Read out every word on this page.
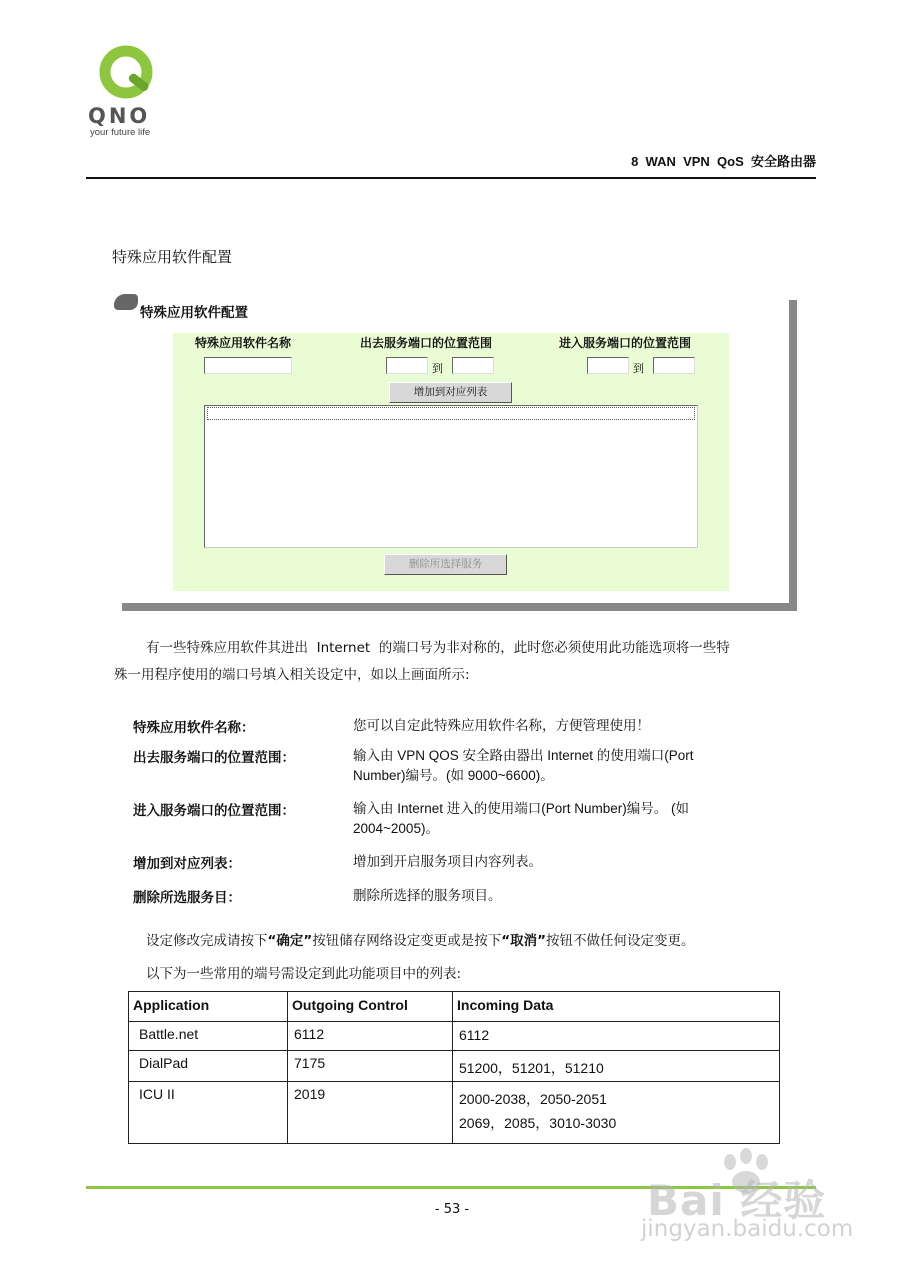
QNO
your future life
8  WAN  VPN  QoS  安全路由器
特殊应用软件配置
特殊应用软件配置
特殊应用软件名称	出去服务端口的位置范围	进入服务端口的位置范围
到	到
增加到对应列表
删除所选择服务
有一些特殊应用软件其进出  Internet  的端口号为非对称的，此时您必须使用此功能选项将一些特
殊一用程序使用的端口号填入相关设定中，如以上画面所示:
特殊应用软件名称：	您可以自定此特殊应用软件名称，方便管理使用！
出去服务端口的位置范围：	输入由 VPN QOS 安全路由器出 Internet 的使用端口(Port Number)编号。(如 9000~6600)。
进入服务端口的位置范围：	输入由 Internet 进入的使用端口(Port Number)编号。 (如 2004~2005)。
增加到对应列表：	增加到开启服务项目内容列表。
删除所选服务目：	删除所选择的服务项目。
设定修改完成请按下“确定”按钮储存网络设定变更或是按下“取消”按钮不做任何设定变更。
以下为一些常用的端号需设定到此功能项目中的列表:
Application	Outgoing Control	Incoming Data
Battle.net	6112	6112

DialPad	7175	51200，51201，51210

ICU II	2019	2000-2038，2050-2051
2069，2085，3010-3030
- 53 -	Bai 经验
jingyan.baidu.com
